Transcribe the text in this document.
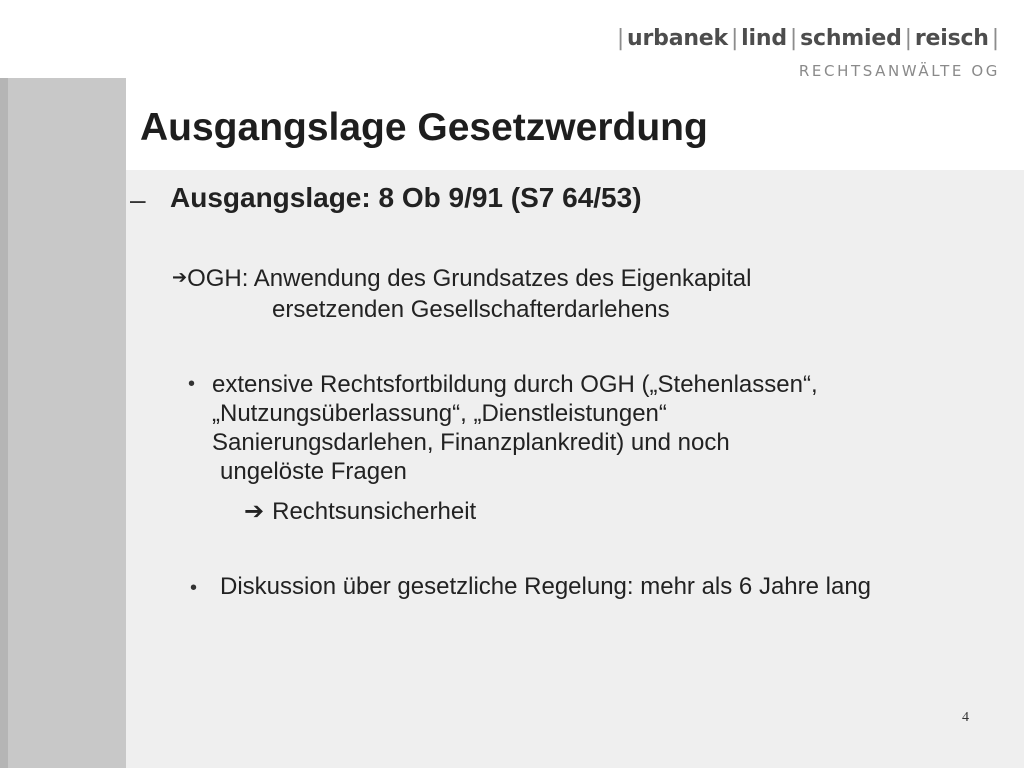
| urbanek | lind | schmied | reisch |
RECHTSANWÄLTE OG
Ausgangslage Gesetzwerdung
– Ausgangslage: 8 Ob 9/91 (S7 64/53)
➔OGH: Anwendung des Grundsatzes des Eigenkapital
ersetzenden Gesellschafterdarlehens
• extensive Rechtsfortbildung durch OGH („Stehenlassen“,
„Nutzungsüberlassung“, „Dienstleistungen“
Sanierungsdarlehen, Finanzplankredit) und noch
ungelöste Fragen
➔ Rechtsunsicherheit
• Diskussion über gesetzliche Regelung: mehr als 6 Jahre lang
4
